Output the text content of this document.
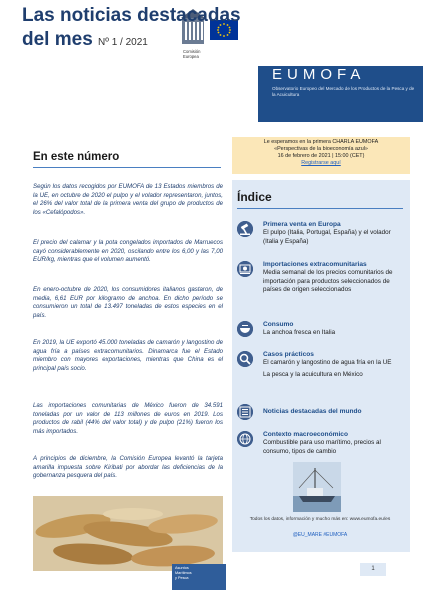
Comisión
Europea
Las noticias destacadas del mes Nº 1 / 2021
EUMOFA
Observatorio Europeo del Mercado de los Productos de la Pesca y de la Acuicultura
Le esperamos en la primera CHARLA EUMOFA
«Perspectivas de la bioeconomía azul»
16 de febrero de 2021 | 15:00 (CET)
Registrarse aquí
Índice
Primera venta en Europa
El pulpo (Italia, Portugal, España) y el volador (Italia y España)
Importaciones extracomunitarias
Media semanal de los precios comunitarios de importación para productos seleccionados de países de origen seleccionados
Consumo
La anchoa fresca en Italia
Casos prácticos
El camarón y langostino de agua fría en la UE
La pesca y la acuicultura en México
Noticias destacadas del mundo
Contexto macroeconómico
Combustible para uso marítimo, precios al consumo, tipos de cambio
Todos los datos, información y mucho más en: www.eumofa.eu/es
@EU_MARE #EUMOFA
En este número
Según los datos recogidos por EUMOFA de 13 Estados miembros de la UE, en octubre de 2020 el pulpo y el volador representaron, juntos, el 26% del valor total de la primera venta del grupo de productos de los «Cefalópodos».
El precio del calamar y la pota congelados importados de Marruecos cayó considerablemente en 2020, oscilando entre los 6,00 y las 7,00 EUR/kg, mientras que el volumen aumentó.
En enero-octubre de 2020, los consumidores italianos gastaron, de media, 6,61 EUR por kilogramo de anchoa. En dicho período se consumieron un total de 13.497 toneladas de estos especies en el país.
En 2019, la UE exportó 45.000 toneladas de camarón y langostino de agua fría a países extracomunitarios. Dinamarca fue el Estado miembro con mayores exportaciones, mientras que China es el principal país socio.
Las importaciones comunitarias de México fueron de 34.591 toneladas por un valor de 113 millones de euros en 2019. Los productos de rabil (44% del valor total) y de pulpo (21%) fueron los más importados.
A principios de diciembre, la Comisión Europea levantó la tarjeta amarilla impuesta sobre Kiribati por abordar las deficiencias de la gobernanza pesquera del país.
Asuntos
Marítimos
y Pesca
1
